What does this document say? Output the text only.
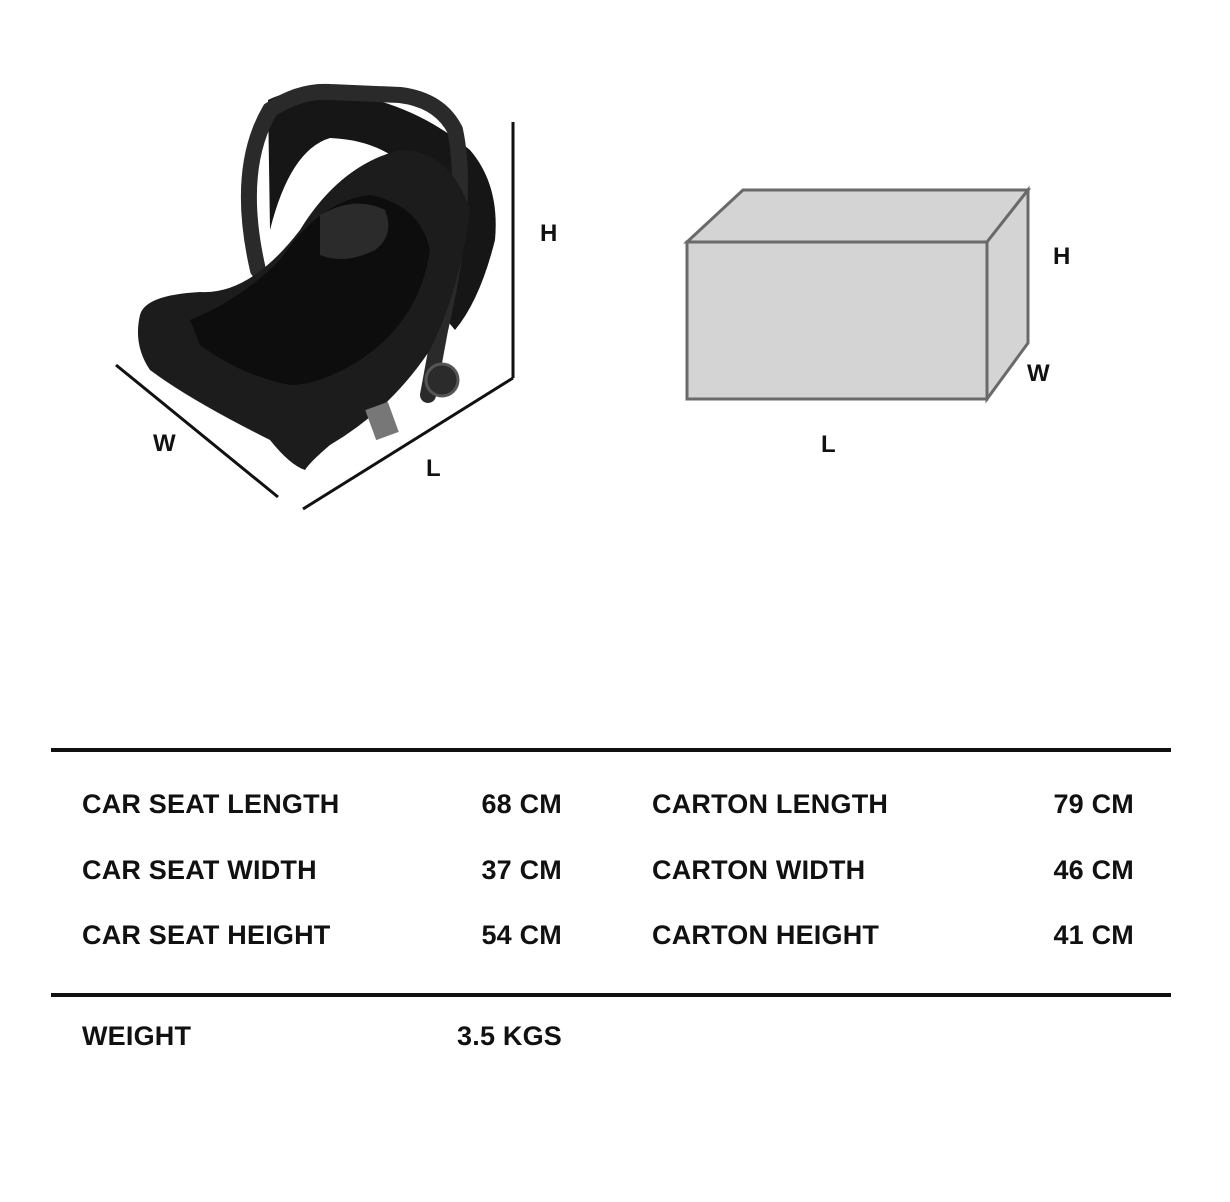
H
W
L
H
W
L
CAR SEAT LENGTH	68 CM	CARTON LENGTH	79 CM
CAR SEAT WIDTH	37 CM	CARTON WIDTH	46 CM
CAR SEAT HEIGHT	54 CM	CARTON HEIGHT	41 CM
WEIGHT	3.5 KGS
